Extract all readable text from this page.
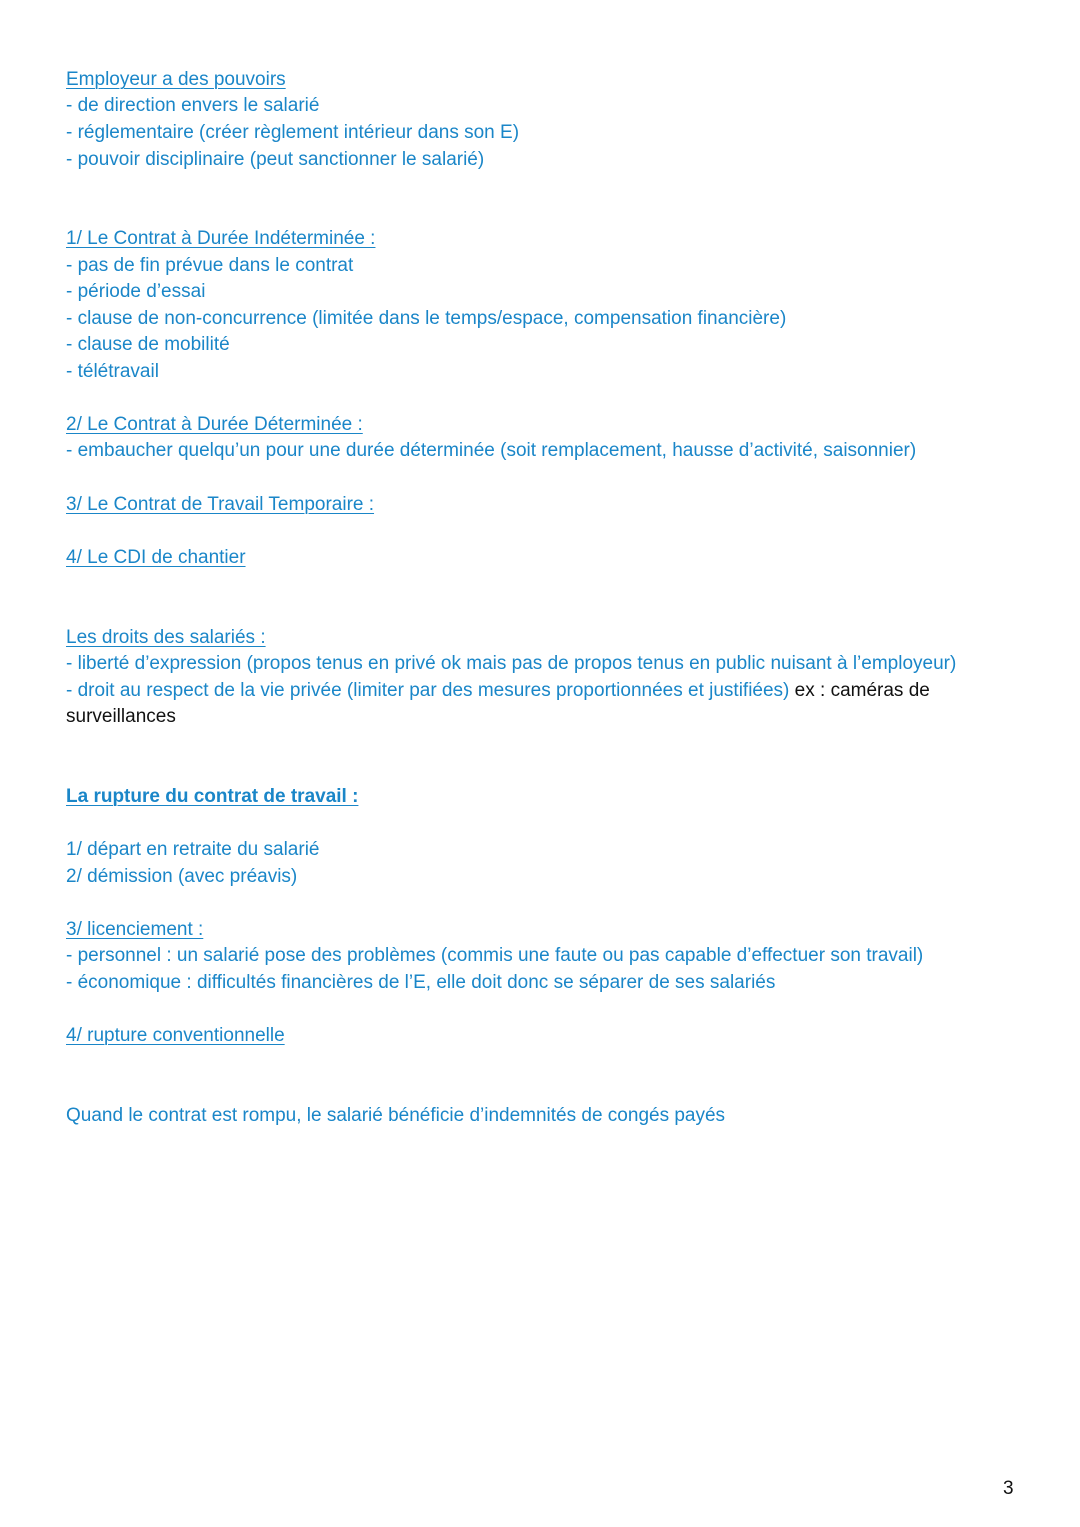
Employeur a des pouvoirs
- de direction envers le salarié
- réglementaire (créer règlement intérieur dans son E)
- pouvoir disciplinaire (peut sanctionner le salarié)
1/ Le Contrat à Durée Indéterminée :
- pas de fin prévue dans le contrat
- période d’essai
- clause de non-concurrence (limitée dans le temps/espace, compensation financière)
- clause de mobilité
- télétravail
2/ Le Contrat à Durée Déterminée :
- embaucher quelqu’un pour une durée déterminée (soit remplacement, hausse d’activité, saisonnier)
3/ Le Contrat de Travail Temporaire :
4/ Le CDI de chantier
Les droits des salariés :
- liberté d’expression (propos tenus en privé ok mais pas de propos tenus en public nuisant à l’employeur)
- droit au respect de la vie privée (limiter par des mesures proportionnées et justifiées) ex : caméras de
surveillances
La rupture du contrat de travail :
1/ départ en retraite du salarié
2/ démission (avec préavis)
3/ licenciement :
- personnel : un salarié pose des problèmes (commis une faute ou pas capable d’effectuer son travail)
- économique : difficultés financières de l’E, elle doit donc se séparer de ses salariés
4/ rupture conventionnelle
Quand le contrat est rompu, le salarié bénéficie d’indemnités de congés payés
3
